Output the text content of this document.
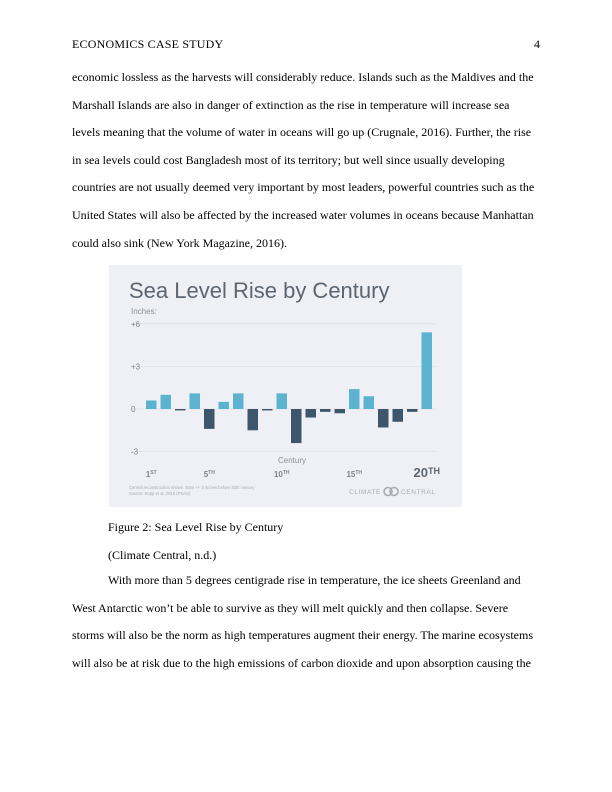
ECONOMICS CASE STUDY	4
economic lossless as the harvests will considerably reduce. Islands such as the Maldives and the
Marshall Islands are also in danger of extinction as the rise in temperature will increase sea
levels meaning that the volume of water in oceans will go up (Crugnale, 2016). Further, the rise
in sea levels could cost Bangladesh most of its territory; but well since usually developing
countries are not usually deemed very important by most leaders, powerful countries such as the
United States will also be affected by the increased water volumes in oceans because Manhattan
could also sink (New York Magazine, 2016).
Sea Level Rise by Century
Inches:
+6
+3
0
-3
Century
1ST	5TH	10TH	15TH	20TH
Central reconstruction shown. Bars +/- 3 inches before 20th century
Source: Kopp et al. 2016 (PNAS)	CLIMATE	CENTRAL
Figure 2: Sea Level Rise by Century
(Climate Central, n.d.)
With more than 5 degrees centigrade rise in temperature, the ice sheets Greenland and
West Antarctic won’t be able to survive as they will melt quickly and then collapse. Severe
storms will also be the norm as high temperatures augment their energy. The marine ecosystems
will also be at risk due to the high emissions of carbon dioxide and upon absorption causing the
